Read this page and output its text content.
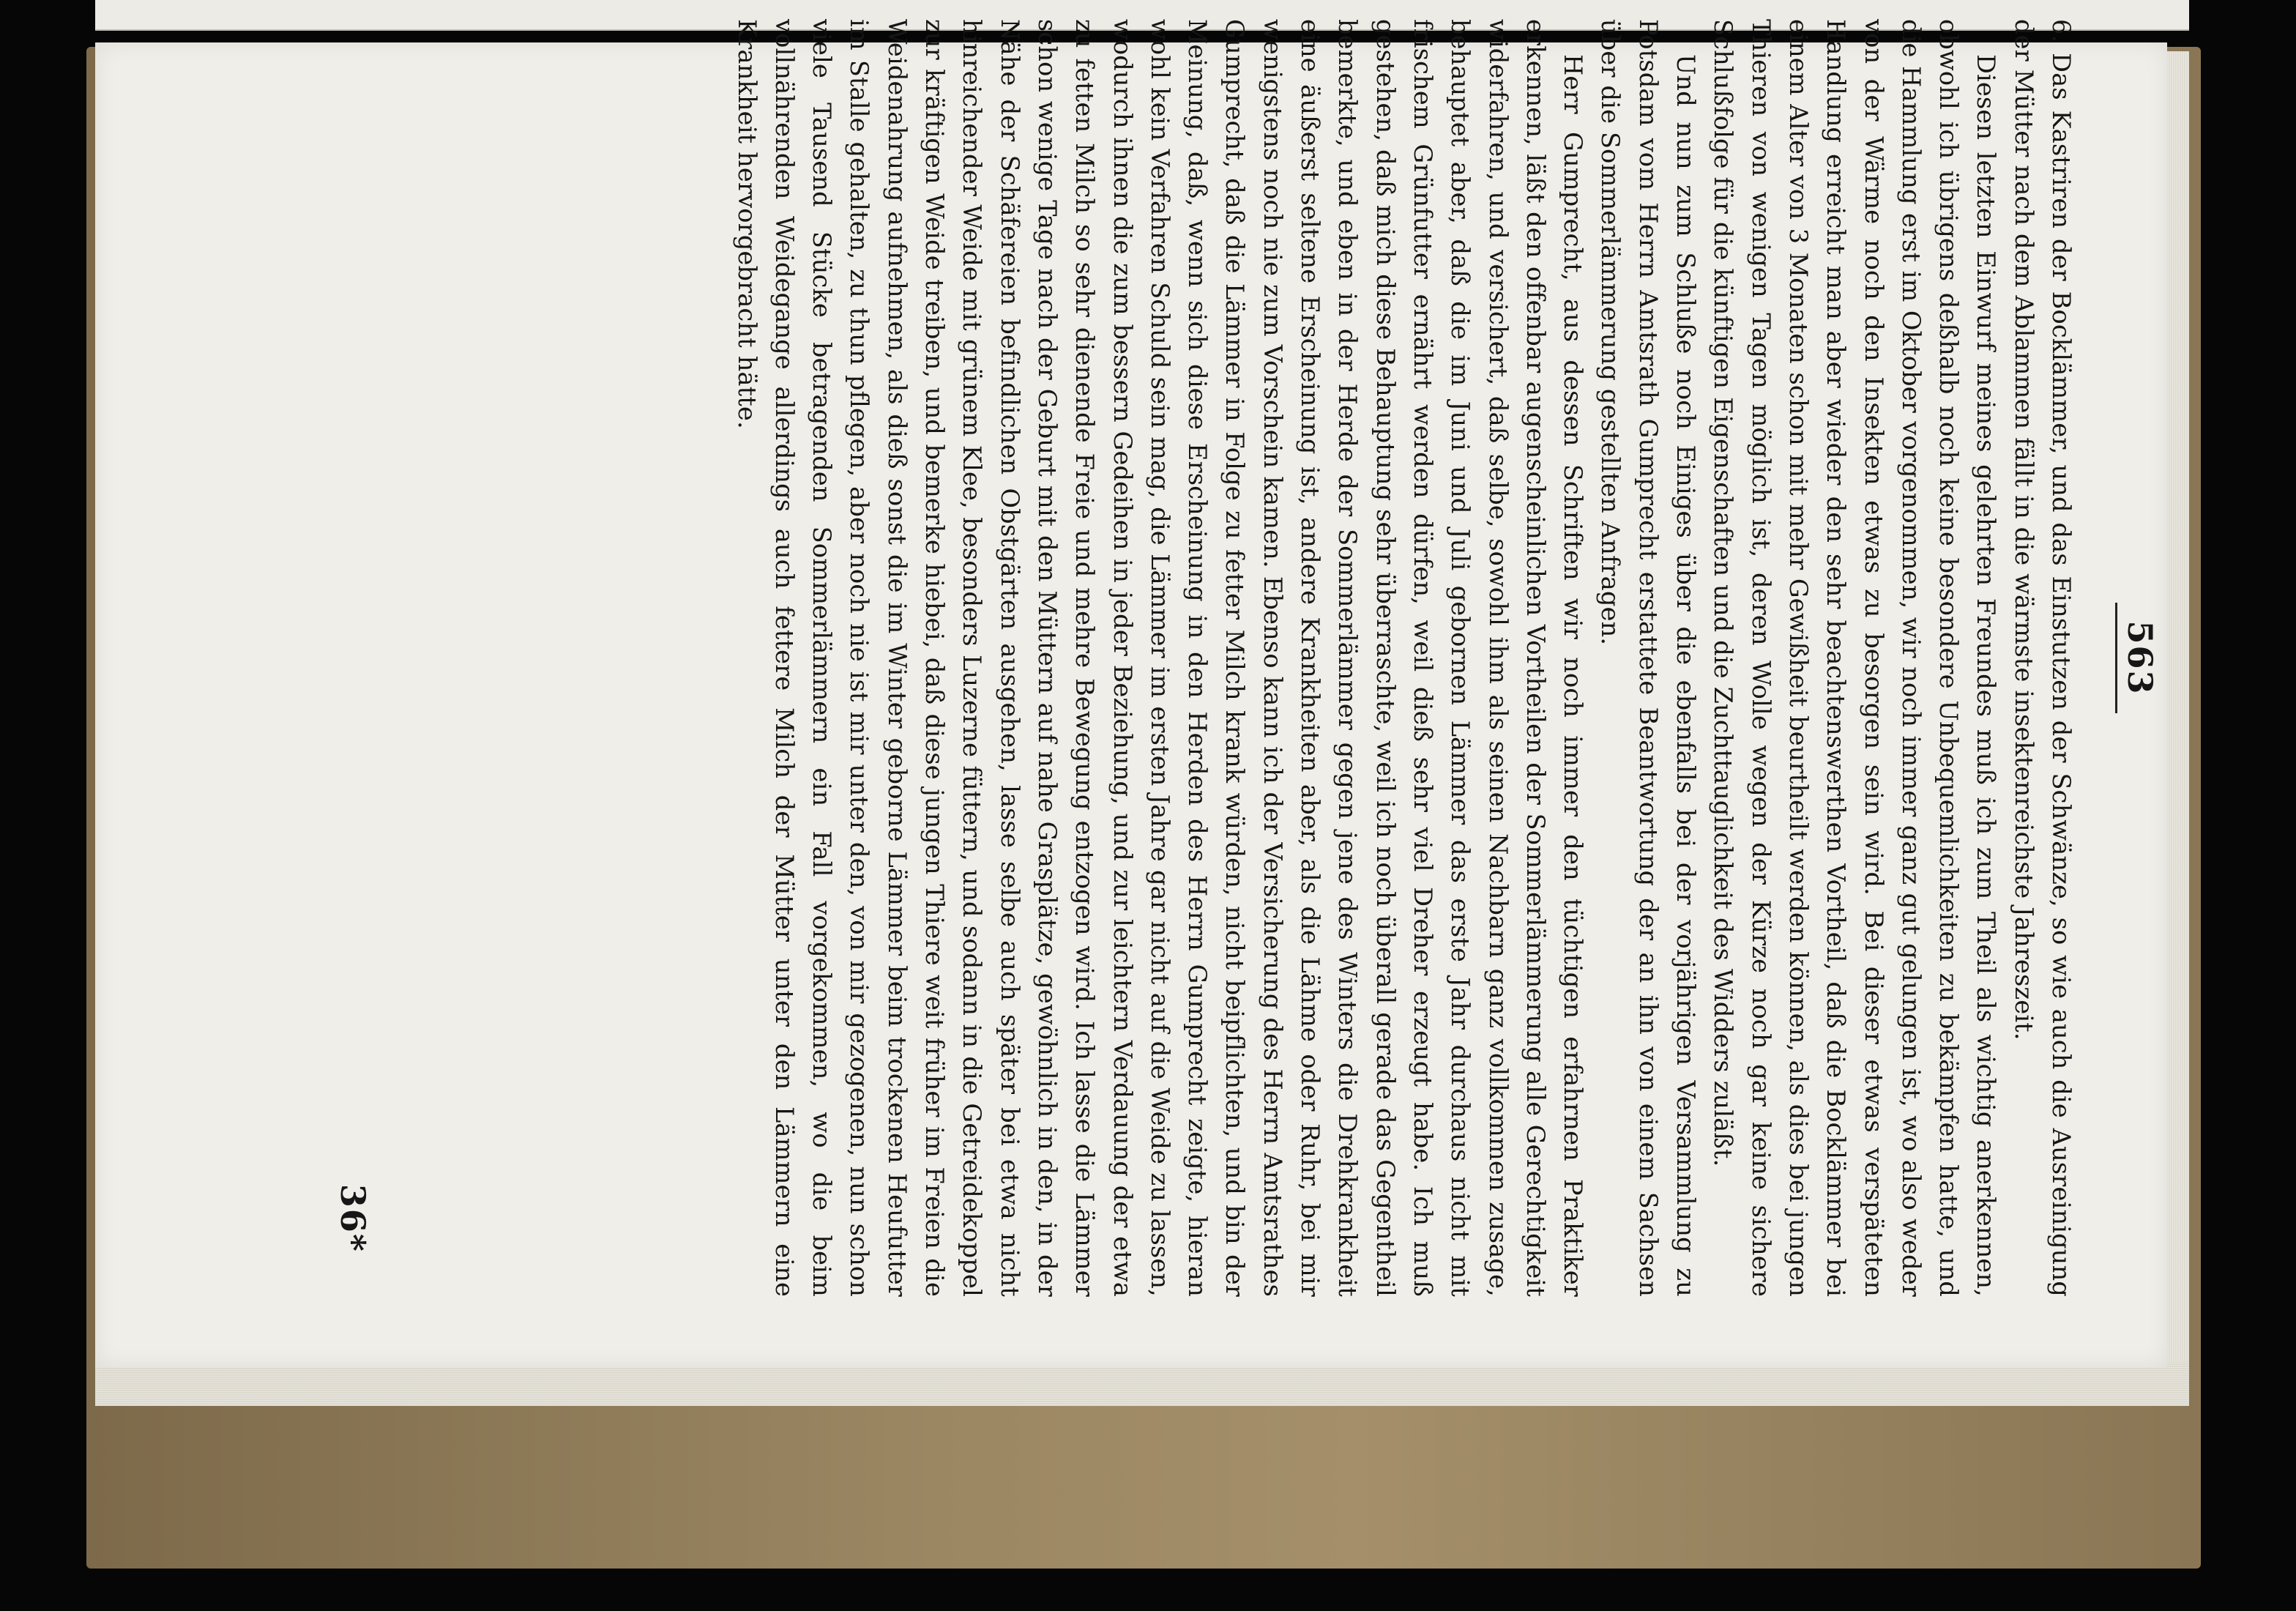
563

6. Das Kastriren der Bocklämmer, und das Einstutzen der Schwänze, so wie auch die Ausreinigung der Mütter nach dem Ablammen fällt in die wärmste insektenreichste Jahreszeit.

Diesen letzten Einwurf meines gelehrten Freundes muß ich zum Theil als wichtig anerkennen, obwohl ich übrigens deßhalb noch keine besondere Unbequemlichkeiten zu bekämpfen hatte, und die Hammlung erst im Oktober vorgenommen, wir noch immer ganz gut gelungen ist, wo also weder von der Wärme noch den Insekten etwas zu besorgen sein wird. Bei dieser etwas verspäteten Handlung erreicht man aber wieder den sehr beachtenswerthen Vortheil, daß die Bocklämmer bei einem Alter von 3 Monaten schon mit mehr Gewißheit beurtheilt werden können, als dies bei jungen Thieren von wenigen Tagen möglich ist, deren Wolle wegen der Kürze noch gar keine sichere Schlußfolge für die künftigen Eigenschaften und die Zuchttauglichkeit des Widders zuläßt.

Und nun zum Schluße noch Einiges über die ebenfalls bei der vorjährigen Versammlung zu Potsdam vom Herrn Amtsrath Gumprecht erstattete Beantwortung der an ihn von einem Sachsen über die Sommerlämmerung gestellten Anfragen.

Herr Gumprecht, aus dessen Schriften wir noch immer den tüchtigen erfahrnen Praktiker erkennen, läßt den offenbar augenscheinlichen Vortheilen der Sommerlämmerung alle Gerechtigkeit widerfahren, und versichert, daß selbe, sowohl ihm als seinen Nachbarn ganz vollkommen zusage, behauptet aber, daß die im Juni und Juli gebornen Lämmer das erste Jahr durchaus nicht mit frischem Grünfutter ernährt werden dürfen, weil dieß sehr viel Dreher erzeugt habe. Ich muß gestehen, daß mich diese Behauptung sehr überraschte, weil ich noch überall gerade das Gegentheil bemerkte, und eben in der Herde der Sommerlämmer gegen jene des Winters die Drehkrankheit eine äußerst seltene Erscheinung ist, andere Krankheiten aber, als die Lähme oder Ruhr, bei mir wenigstens noch nie zum Vorschein kamen. Ebenso kann ich der Versicherung des Herrn Amtsrathes Gumprecht, daß die Lämmer in Folge zu fetter Milch krank würden, nicht beipflichten, und bin der Meinung, daß, wenn sich diese Erscheinung in den Herden des Herrn Gumprecht zeigte, hieran wohl kein Verfahren Schuld sein mag, die Lämmer im ersten Jahre gar nicht auf die Weide zu lassen, wodurch ihnen die zum bessern Gedeihen in jeder Beziehung, und zur leichtern Verdauung der etwa zu fetten Milch so sehr dienende Freie und mehre Bewegung entzogen wird. Ich lasse die Lämmer schon wenige Tage nach der Geburt mit den Müttern auf nahe Grasplätze, gewöhnlich in den, in der Nähe der Schäfereien befindlichen Obstgärten ausgehen, lasse selbe auch später bei etwa nicht hinreichender Weide mit grünem Klee, besonders Luzerne füttern, und sodann in die Getreidekoppel zur kräftigen Weide treiben, und bemerke hiebei, daß diese jungen Thiere weit früher im Freien die Weidenahrung aufnehmen, als dieß sonst die im Winter geborne Lämmer beim trockenen Heufutter im Stalle gehalten, zu thun pflegen, aber noch nie ist mir unter den, von mir gezogenen, nun schon viele Tausend Stücke betragenden Sommerlämmern ein Fall vorgekommen, wo die beim vollnährenden Weidegange allerdings auch fettere Milch der Mütter unter den Lämmern eine Krankheit hervorgebracht hätte.

36*
